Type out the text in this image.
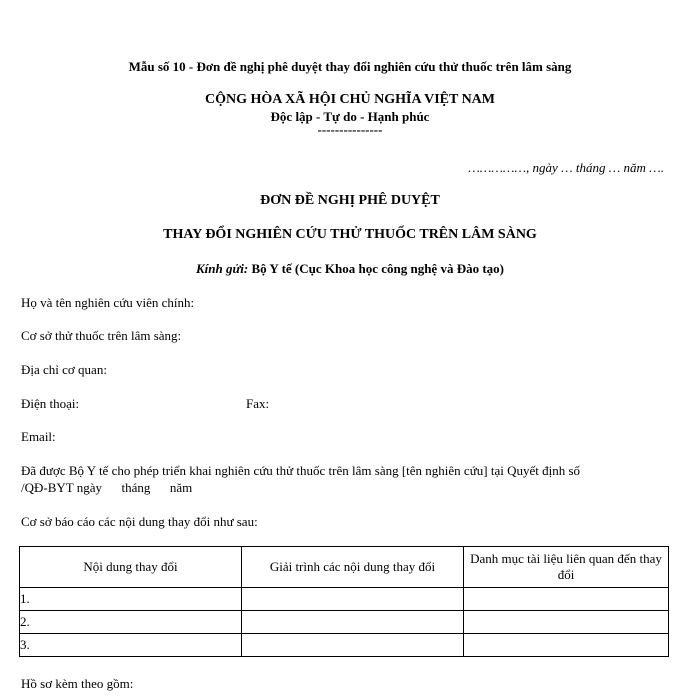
Mẫu số 10 - Đơn đề nghị phê duyệt thay đổi nghiên cứu thử thuốc trên lâm sàng
CỘNG HÒA XÃ HỘI CHỦ NGHĨA VIỆT NAM
Độc lập - Tự do - Hạnh phúc
---------------
……………, ngày … tháng … năm ….
ĐƠN ĐỀ NGHỊ PHÊ DUYỆT
THAY ĐỔI NGHIÊN CỨU THỬ THUỐC TRÊN LÂM SÀNG
Kính gửi: Bộ Y tế (Cục Khoa học công nghệ và Đào tạo)
Họ và tên nghiên cứu viên chính:
Cơ sở thử thuốc trên lâm sàng:
Địa chỉ cơ quan:
Điện thoại:	Fax:
Email:
Đã được Bộ Y tế cho phép triển khai nghiên cứu thử thuốc trên lâm sàng [tên nghiên cứu] tại Quyết định số
/QĐ-BYT ngày      tháng      năm
Cơ sở báo cáo các nội dung thay đổi như sau:
Nội dung thay đổi	Giải trình các nội dung thay đổi	Danh mục tài liệu liên quan đến thay đổi
1.		
2.		
3.		
Hồ sơ kèm theo gồm:
